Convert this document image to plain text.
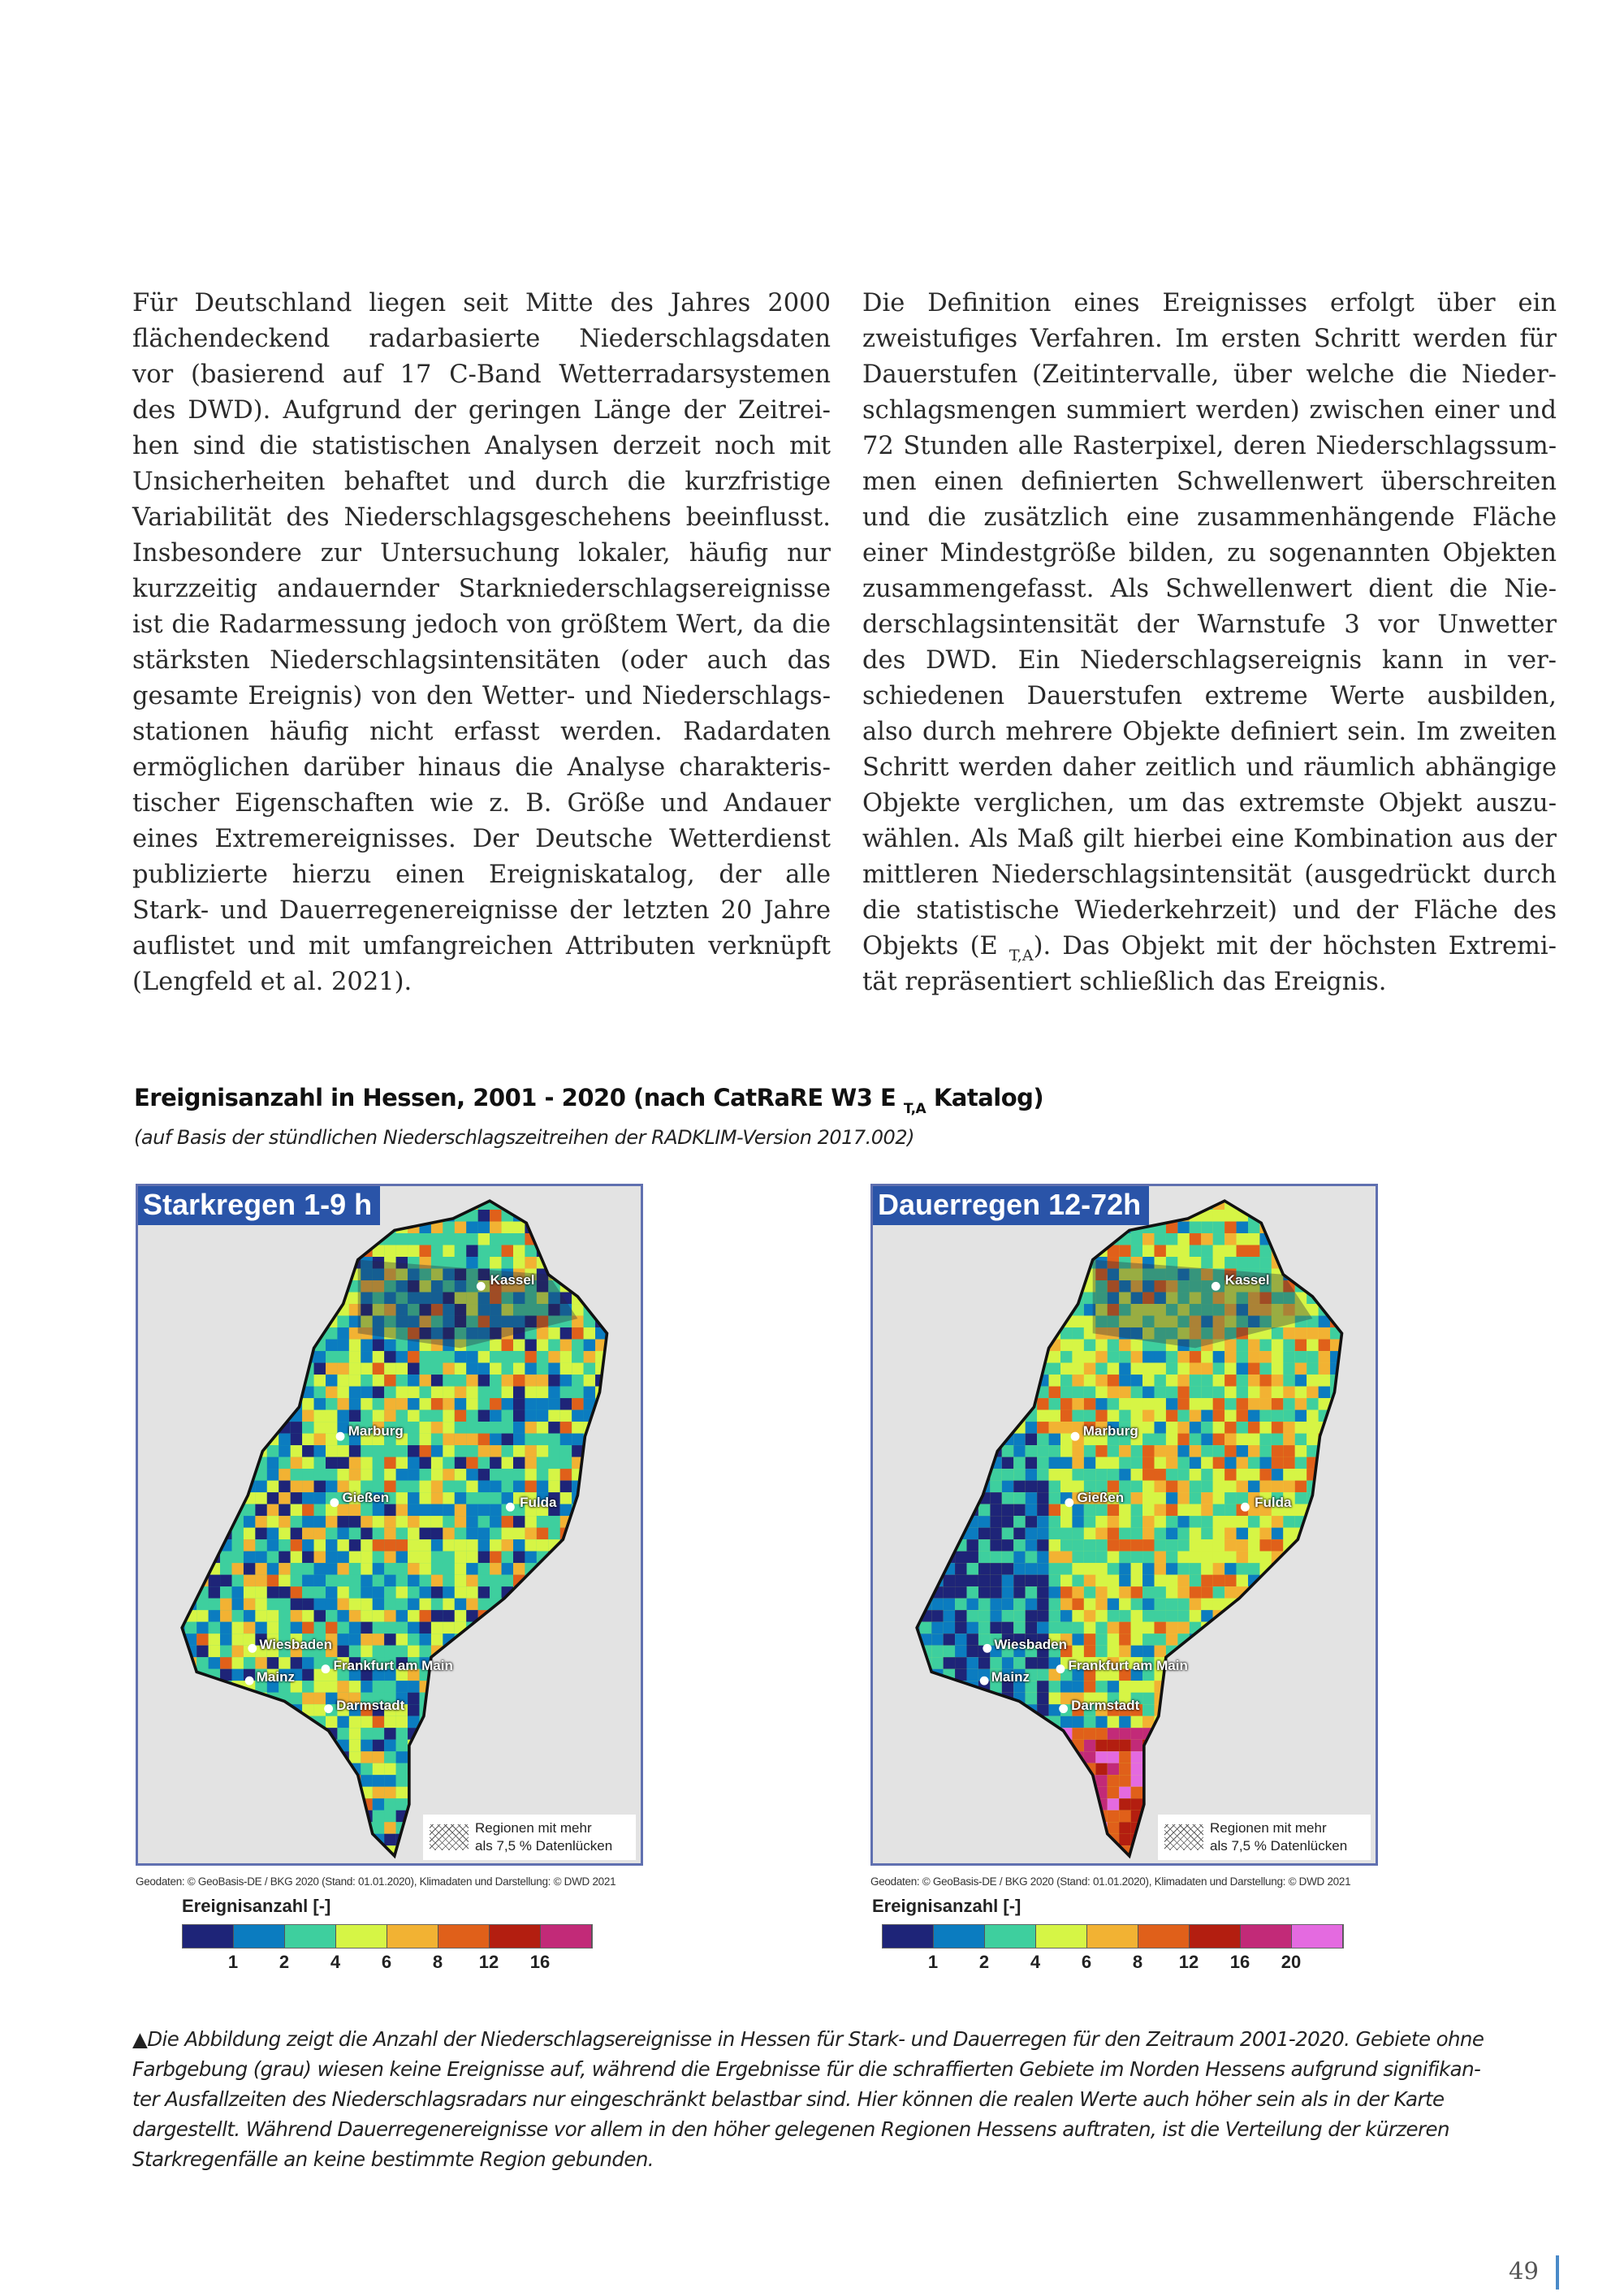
Für Deutschland liegen seit Mitte des Jahres 2000
flächendeckend radarbasierte Niederschlagsdaten
vor (basierend auf 17 C-Band Wetterradarsystemen
des DWD). Aufgrund der geringen Länge der Zeitrei-
hen sind die statistischen Analysen derzeit noch mit
Unsicherheiten behaftet und durch die kurzfristige
Variabilität des Niederschlagsgeschehens beeinflusst.
Insbesondere zur Untersuchung lokaler, häufig nur
kurzzeitig andauernder Starkniederschlagsereignisse
ist die Radarmessung jedoch von größtem Wert, da die
stärksten Niederschlagsintensitäten (oder auch das
gesamte Ereignis) von den Wetter- und Niederschlags-
stationen häufig nicht erfasst werden. Radardaten
ermöglichen darüber hinaus die Analyse charakteris-
tischer Eigenschaften wie z. B. Größe und Andauer
eines Extremereignisses. Der Deutsche Wetterdienst
publizierte hierzu einen Ereigniskatalog, der alle
Stark- und Dauerregenereignisse der letzten 20 Jahre
auflistet und mit umfangreichen Attributen verknüpft
(Lengfeld et al. 2021).
Die Definition eines Ereignisses erfolgt über ein
zweistufiges Verfahren. Im ersten Schritt werden für
Dauerstufen (Zeitintervalle, über welche die Nieder-
schlagsmengen summiert werden) zwischen einer und
72 Stunden alle Rasterpixel, deren Niederschlagssum-
men einen definierten Schwellenwert überschreiten
und die zusätzlich eine zusammenhängende Fläche
einer Mindestgröße bilden, zu sogenannten Objekten
zusammengefasst. Als Schwellenwert dient die Nie-
derschlagsintensität der Warnstufe 3 vor Unwetter
des DWD. Ein Niederschlagsereignis kann in ver-
schiedenen Dauerstufen extreme Werte ausbilden,
also durch mehrere Objekte definiert sein. Im zweiten
Schritt werden daher zeitlich und räumlich abhängige
Objekte verglichen, um das extremste Objekt auszu-
wählen. Als Maß gilt hierbei eine Kombination aus der
mittleren Niederschlagsintensität (ausgedrückt durch
die statistische Wiederkehrzeit) und der Fläche des
Objekts (E $_{T,A}$). Das Objekt mit der höchsten Extremi-
tät repräsentiert schließlich das Ereignis.
Ereignisanzahl in Hessen, 2001 - 2020 (nach CatRaRE W3 E $_{T,A}$ Katalog)
(auf Basis der stündlichen Niederschlagszeitreihen der RADKLIM-Version 2017.002)
Starkregen 1-9 h
Kassel
Marburg
Gießen	Fulda
Wiesbaden
Frankfurt am Main
Mainz
Darmstadt
Regionen mit mehr
als 7,5 % Datenlücken
Dauerregen 12-72h
Kassel
Marburg
Gießen	Fulda
Wiesbaden
Frankfurt am Main
Mainz
Darmstadt
Regionen mit mehr
als 7,5 % Datenlücken
Geodaten: © GeoBasis-DE / BKG 2020 (Stand: 01.01.2020), Klimadaten und Darstellung: © DWD 2021	Geodaten: © GeoBasis-DE / BKG 2020 (Stand: 01.01.2020), Klimadaten und Darstellung: © DWD 2021
Ereignisanzahl [-]	Ereignisanzahl [-]
▲Die Abbildung zeigt die Anzahl der Niederschlagsereignisse in Hessen für Stark- und Dauerregen für den Zeitraum 2001-2020. Gebiete ohne
Farbgebung (grau) wiesen keine Ereignisse auf, während die Ergebnisse für die schraffierten Gebiete im Norden Hessens aufgrund signifikan-
ter Ausfallzeiten des Niederschlagsradars nur eingeschränkt belastbar sind. Hier können die realen Werte auch höher sein als in der Karte
dargestellt. Während Dauerregenereignisse vor allem in den höher gelegenen Regionen Hessens auftraten, ist die Verteilung der kürzeren
Starkregenfälle an keine bestimmte Region gebunden.
49
1 2 4 6 8 12 16	1 2 4 6 8 12 16 20
